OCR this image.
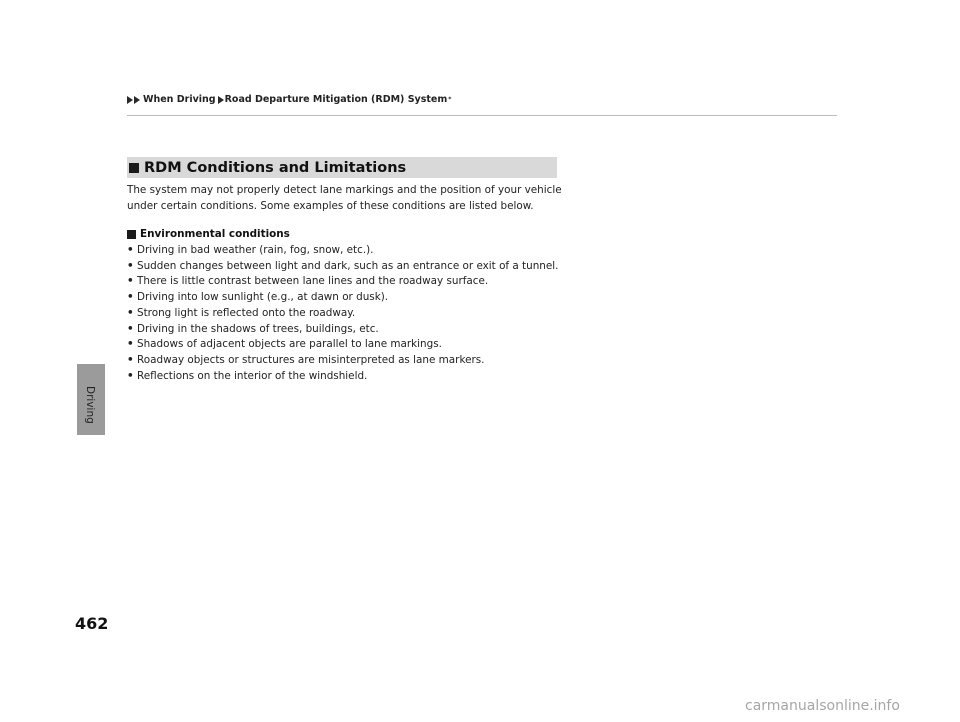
When Driving Road Departure Mitigation (RDM) System *
Driving
RDM Conditions and Limitations

The system may not properly detect lane markings and the position of your vehicle

under certain conditions. Some examples of these conditions are listed below.

Environmental conditions
• Driving in bad weather (rain, fog, snow, etc.).
• Sudden changes between light and dark, such as an entrance or exit of a tunnel.
• There is little contrast between lane lines and the roadway surface.
• Driving into low sunlight (e.g., at dawn or dusk).
• Strong light is reflected onto the roadway.
• Driving in the shadows of trees, buildings, etc.
• Shadows of adjacent objects are parallel to lane markings.
• Roadway objects or structures are misinterpreted as lane markers.
• Reflections on the interior of the windshield.
462
carmanualsonline.info
